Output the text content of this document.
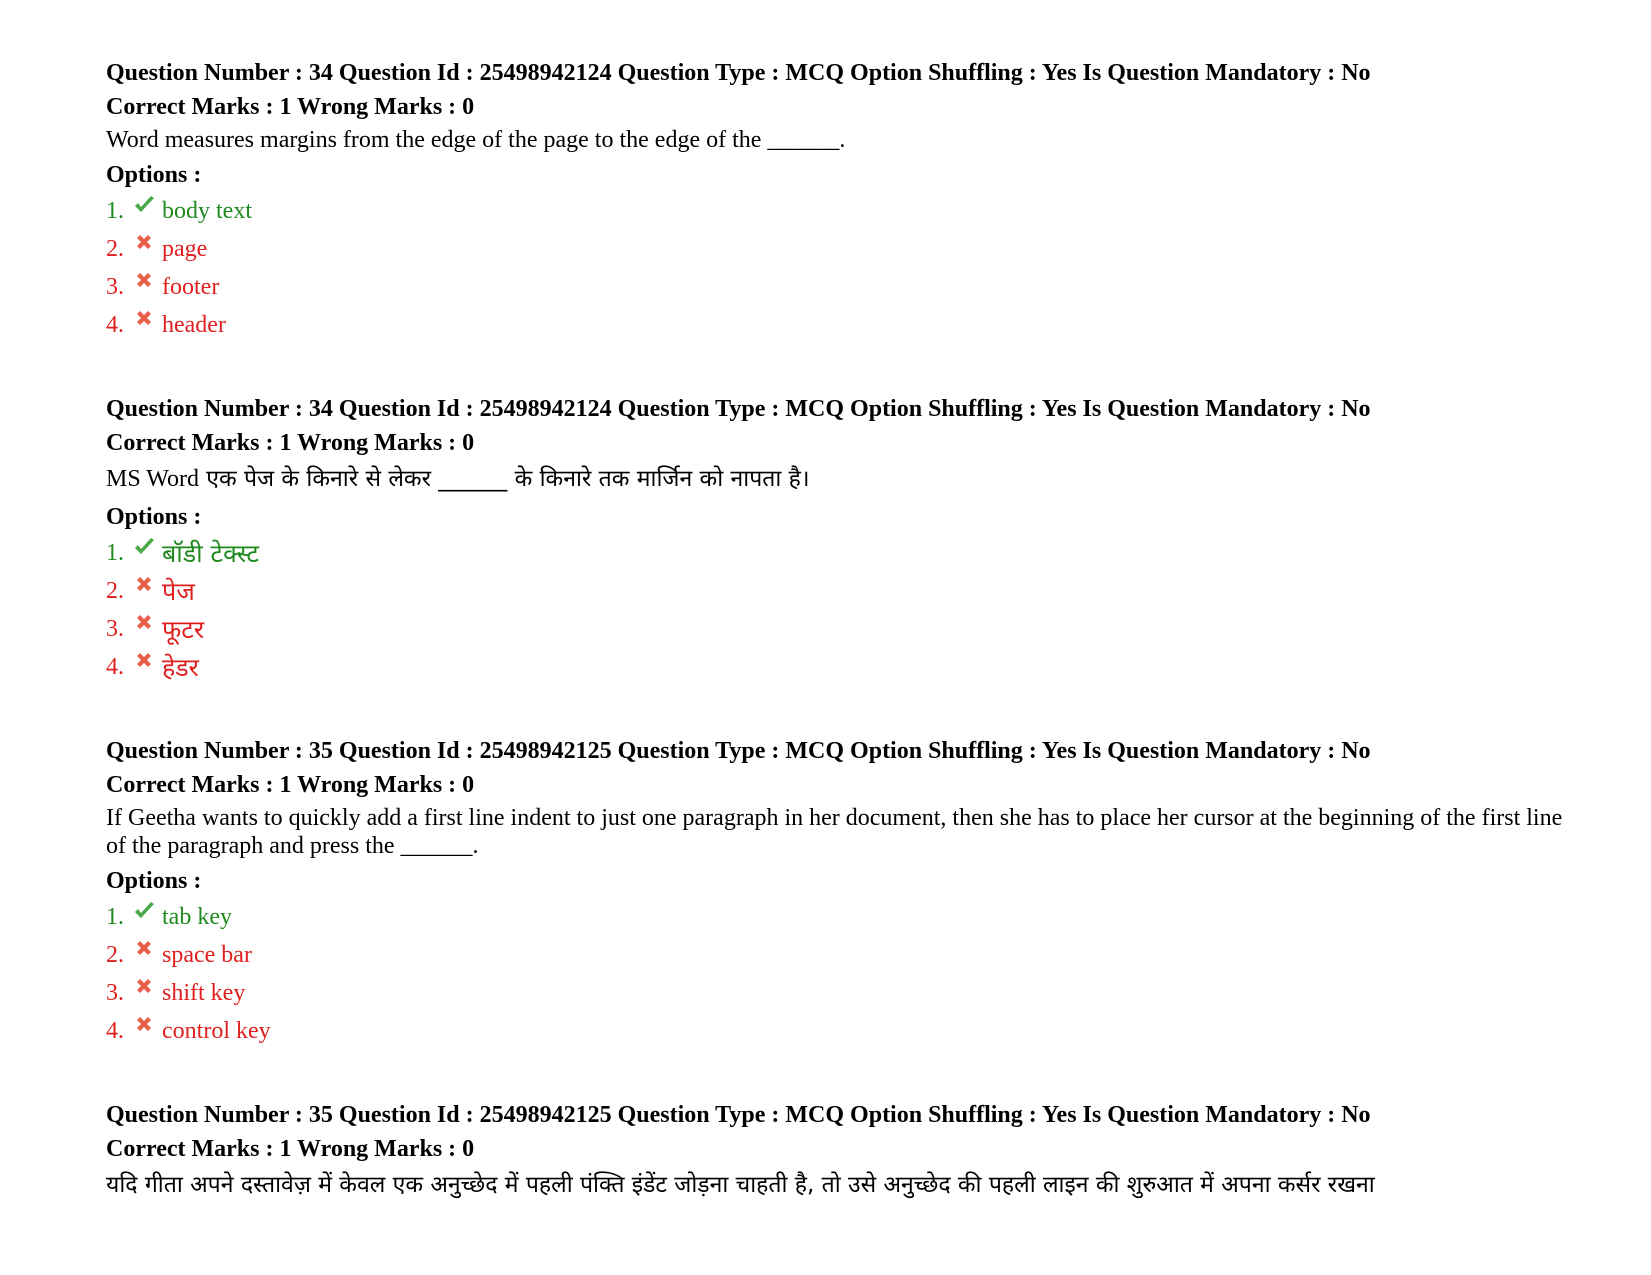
Question Number : 34 Question Id : 25498942124 Question Type : MCQ Option Shuffling : Yes Is Question Mandatory : No
Correct Marks : 1 Wrong Marks : 0
Word measures margins from the edge of the page to the edge of the ______.
Options :
1.	body text
2.	page
3.	footer
4.	header
Question Number : 34 Question Id : 25498942124 Question Type : MCQ Option Shuffling : Yes Is Question Mandatory : No
Correct Marks : 1 Wrong Marks : 0
MS Word एक पेज के किनारे से लेकर ______ के किनारे तक मार्जिन को नापता है।
Options :
1.	बॉडी टेक्स्ट
2.	पेज
3.	फूटर
4.	हेडर
Question Number : 35 Question Id : 25498942125 Question Type : MCQ Option Shuffling : Yes Is Question Mandatory : No
Correct Marks : 1 Wrong Marks : 0
If Geetha wants to quickly add a first line indent to just one paragraph in her document, then she has to place her cursor at the beginning of the first line of the paragraph and press the ______.
Options :
1.	tab key
2.	space bar
3.	shift key
4.	control key
Question Number : 35 Question Id : 25498942125 Question Type : MCQ Option Shuffling : Yes Is Question Mandatory : No
Correct Marks : 1 Wrong Marks : 0
यदि गीता अपने दस्तावेज़ में केवल एक अनुच्छेद में पहली पंक्ति इंडेंट जोड़ना चाहती है, तो उसे अनुच्छेद की पहली लाइन की शुरुआत में अपना कर्सर रखना
